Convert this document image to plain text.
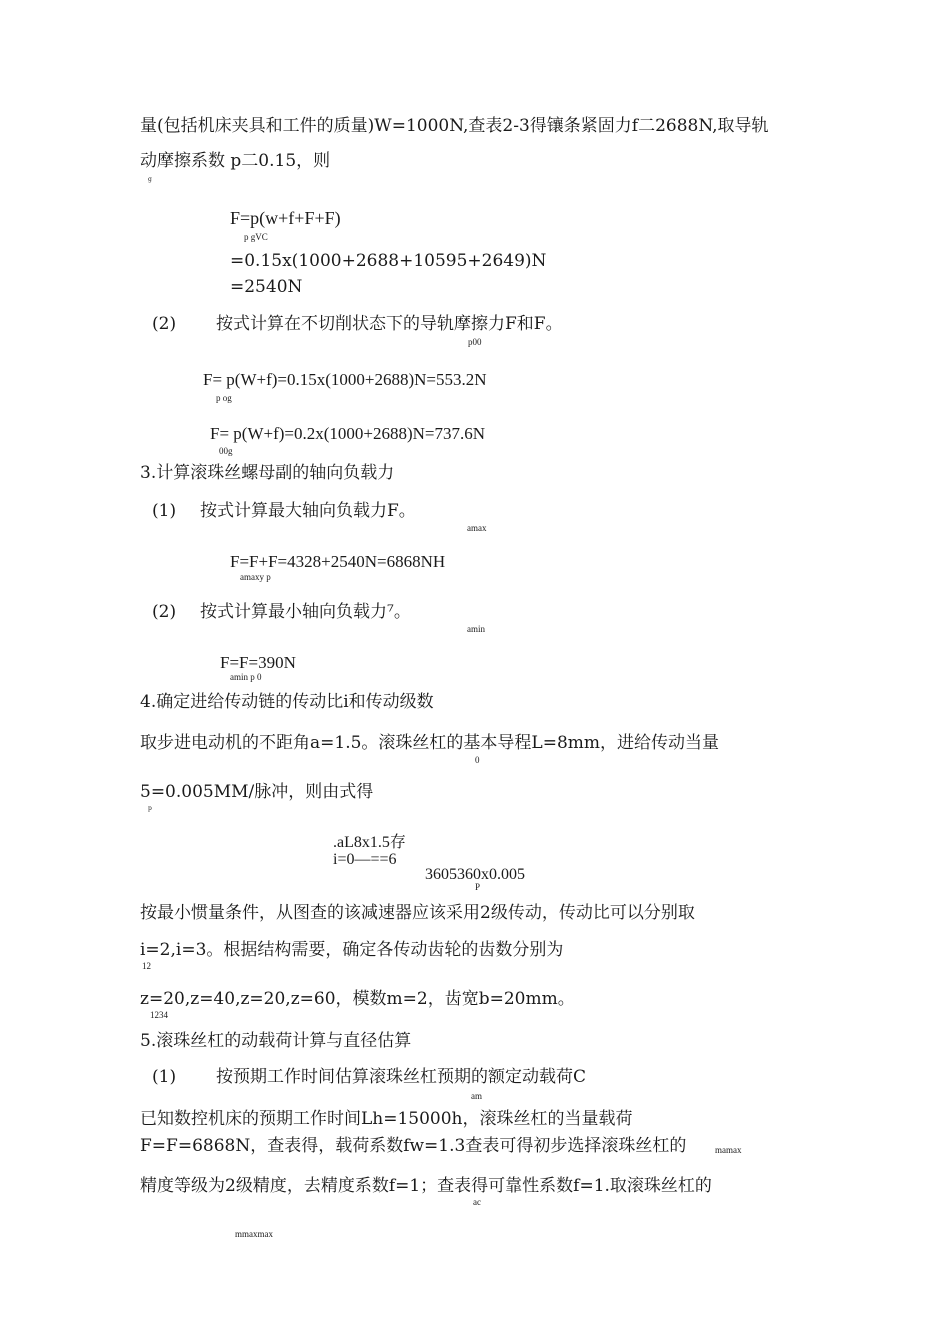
量(包括机床夹具和工件的质量)W=1000N,查表2-3得镶条紧固力f二2688N,取导轨
动摩擦系数 p二0.15，则
g
F=p(w+f+F+F)
p gVC
=0.15x(1000+2688+10595+2649)N
=2540N
(2) 按式计算在不切削状态下的导轨摩擦力F和F。
p00
F= p(W+f)=0.15x(1000+2688)N=553.2N
p og
F= p(W+f)=0.2x(1000+2688)N=737.6N
00g
3.计算滚珠丝螺母副的轴向负载力
(1) 按式计算最大轴向负载力F。
amax
F=F+F=4328+2540N=6868NH
amaxy p
(2) 按式计算最小轴向负载力⁷。
amin
F=F=390N
amin p 0
4.确定进给传动链的传动比i和传动级数
取步进电动机的不距角a=1.5。滚珠丝杠的基本导程L=8mm，进给传动当量
0
5=0.005MM/脉冲，则由式得
p
.aL8x1.5存
i=0—==6
3605360x0.005
P
按最小惯量条件，从图查的该减速器应该采用2级传动，传动比可以分别取
i=2,i=3。根据结构需要，确定各传动齿轮的齿数分别为
12
z=20,z=40,z=20,z=60，模数m=2，齿宽b=20mm。
1234
5.滚珠丝杠的动载荷计算与直径估算
(1) 按预期工作时间估算滚珠丝杠预期的额定动载荷C
am
已知数控机床的预期工作时间Lh=15000h，滚珠丝杠的当量载荷
F=F=6868N，查表得，载荷系数fw=1.3查表可得初步选择滚珠丝杠的	mamax
精度等级为2级精度，去精度系数f=1；查表得可靠性系数f=1.取滚珠丝杠的
ac
mmaxmax
